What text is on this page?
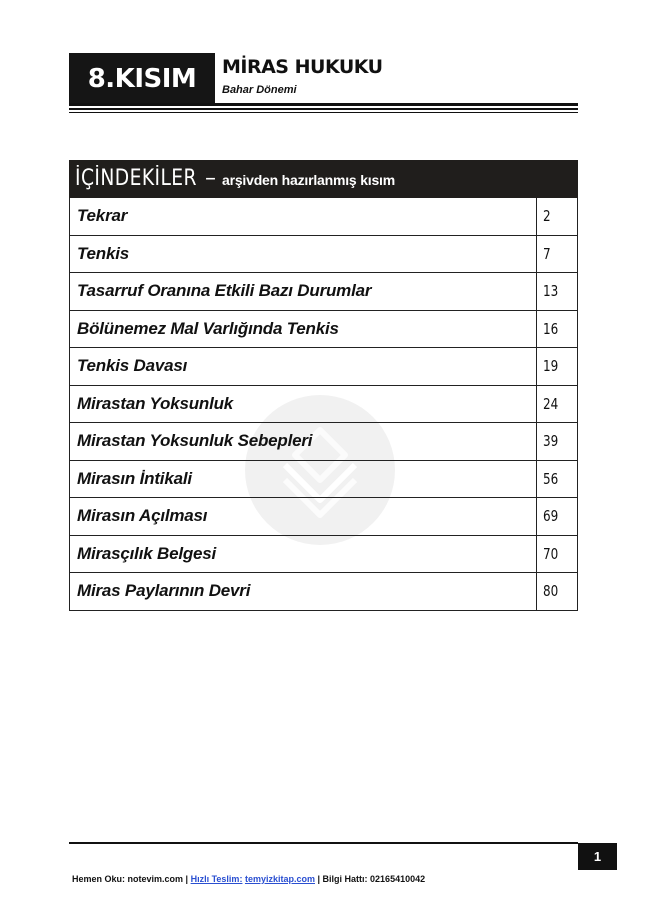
8.KISIM MİRAS HUKUKU
Bahar Dönemi
İÇİNDEKİLER – arşivden hazırlanmış kısım
Tekrar	2
Tenkis	7
Tasarruf Oranına Etkili Bazı Durumlar	13
Bölünemez Mal Varlığında Tenkis	16
Tenkis Davası	19
Mirastan Yoksunluk	24
Mirastan Yoksunluk Sebepleri	39
Mirasın İntikali	56
Mirasın Açılması	69
Mirasçılık Belgesi	70
Miras Paylarının Devri	80
1
Hemen Oku: notevim.com | Hızlı Teslim: temyizkitap.com | Bilgi Hattı: 02165410042
